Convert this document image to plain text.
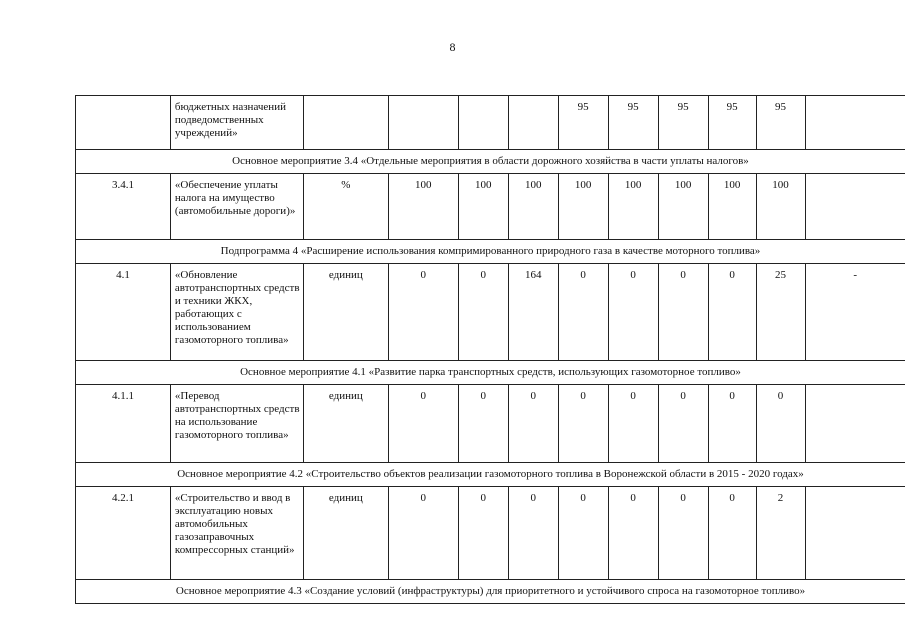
8
	бюджетных назначений подведомственных учреждений»					95	95	95	95	95	
Основное мероприятие 3.4 «Отдельные мероприятия в области дорожного хозяйства в части уплаты налогов»											
3.4.1	«Обеспечение уплаты налога на имущество (автомобильные дороги)»	%	100	100	100	100	100	100	100	100	
Подпрограмма 4 «Расширение использования компримированного природного газа в качестве моторного топлива»											
4.1	«Обновление автотранспортных средств и техники ЖКХ, работающих с использованием газомоторного топлива»	единиц	0	0	164	0	0	0	0	25	-
Основное мероприятие 4.1 «Развитие парка транспортных средств, использующих газомоторное топливо»											
4.1.1	«Перевод автотранспортных средств на использование газомоторного топлива»	единиц	0	0	0	0	0	0	0	0	
Основное мероприятие 4.2 «Строительство объектов реализации газомоторного топлива в Воронежской области в 2015 - 2020 годах»											
4.2.1	«Строительство и ввод в эксплуатацию новых автомобильных газозаправочных компрессорных станций»	единиц	0	0	0	0	0	0	0	2	
Основное мероприятие 4.3 «Создание условий (инфраструктуры) для приоритетного и устойчивого спроса на газомоторное топливо»											
